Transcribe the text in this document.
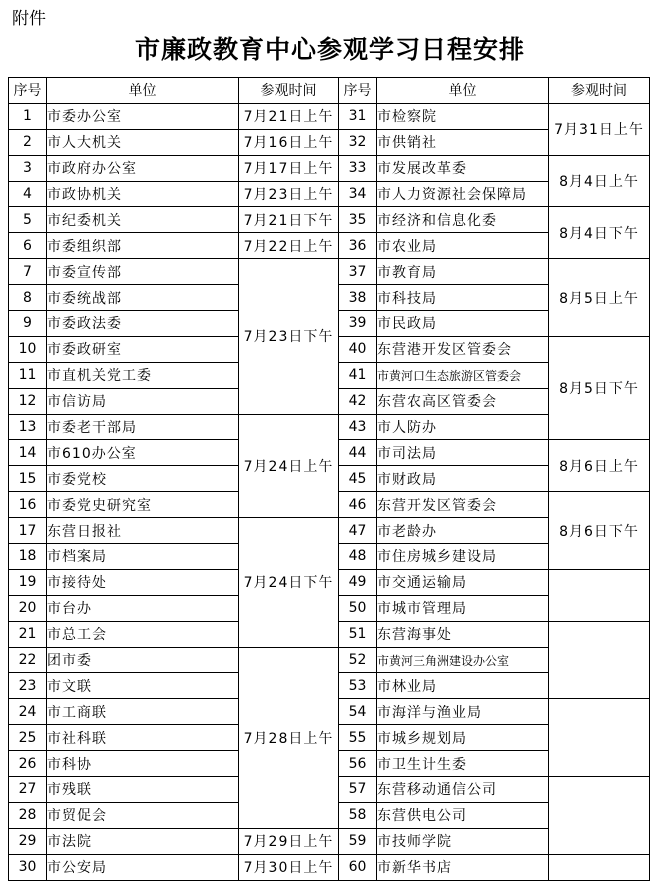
附件
市廉政教育中心参观学习日程安排
序号	单位	参观时间	序号	单位	参观时间
1	市委办公室	7月21日上午	31	市检察院	7月31日上午
2	市人大机关	7月16日上午	32	市供销社	
3	市政府办公室	7月17日上午	33	市发展改革委	8月4日上午
4	市政协机关	7月23日上午	34	市人力资源社会保障局	
5	市纪委机关	7月21日下午	35	市经济和信息化委	8月4日下午
6	市委组织部	7月22日上午	36	市农业局	
7	市委宣传部	7月23日下午	37	市教育局	8月5日上午
8	市委统战部		38	市科技局	
9	市委政法委		39	市民政局	
10	市委政研室		40	东营港开发区管委会	8月5日下午
11	市直机关党工委		41	市黄河口生态旅游区管委会	
12	市信访局		42	东营农高区管委会	
13	市委老干部局	7月24日上午	43	市人防办	
14	市610办公室		44	市司法局	8月6日上午
15	市委党校		45	市财政局	
16	市委党史研究室		46	东营开发区管委会	8月6日下午
17	东营日报社	7月24日下午	47	市老龄办	
18	市档案局		48	市住房城乡建设局	
19	市接待处		49	市交通运输局	
20	市台办		50	市城市管理局	
21	市总工会		51	东营海事处	
22	团市委	7月28日上午	52	市黄河三角洲建设办公室	
23	市文联		53	市林业局	
24	市工商联		54	市海洋与渔业局	
25	市社科联		55	市城乡规划局	
26	市科协		56	市卫生计生委	
27	市残联		57	东营移动通信公司	
28	市贸促会		58	东营供电公司	
29	市法院	7月29日上午	59	市技师学院	
30	市公安局	7月30日上午	60	市新华书店	
